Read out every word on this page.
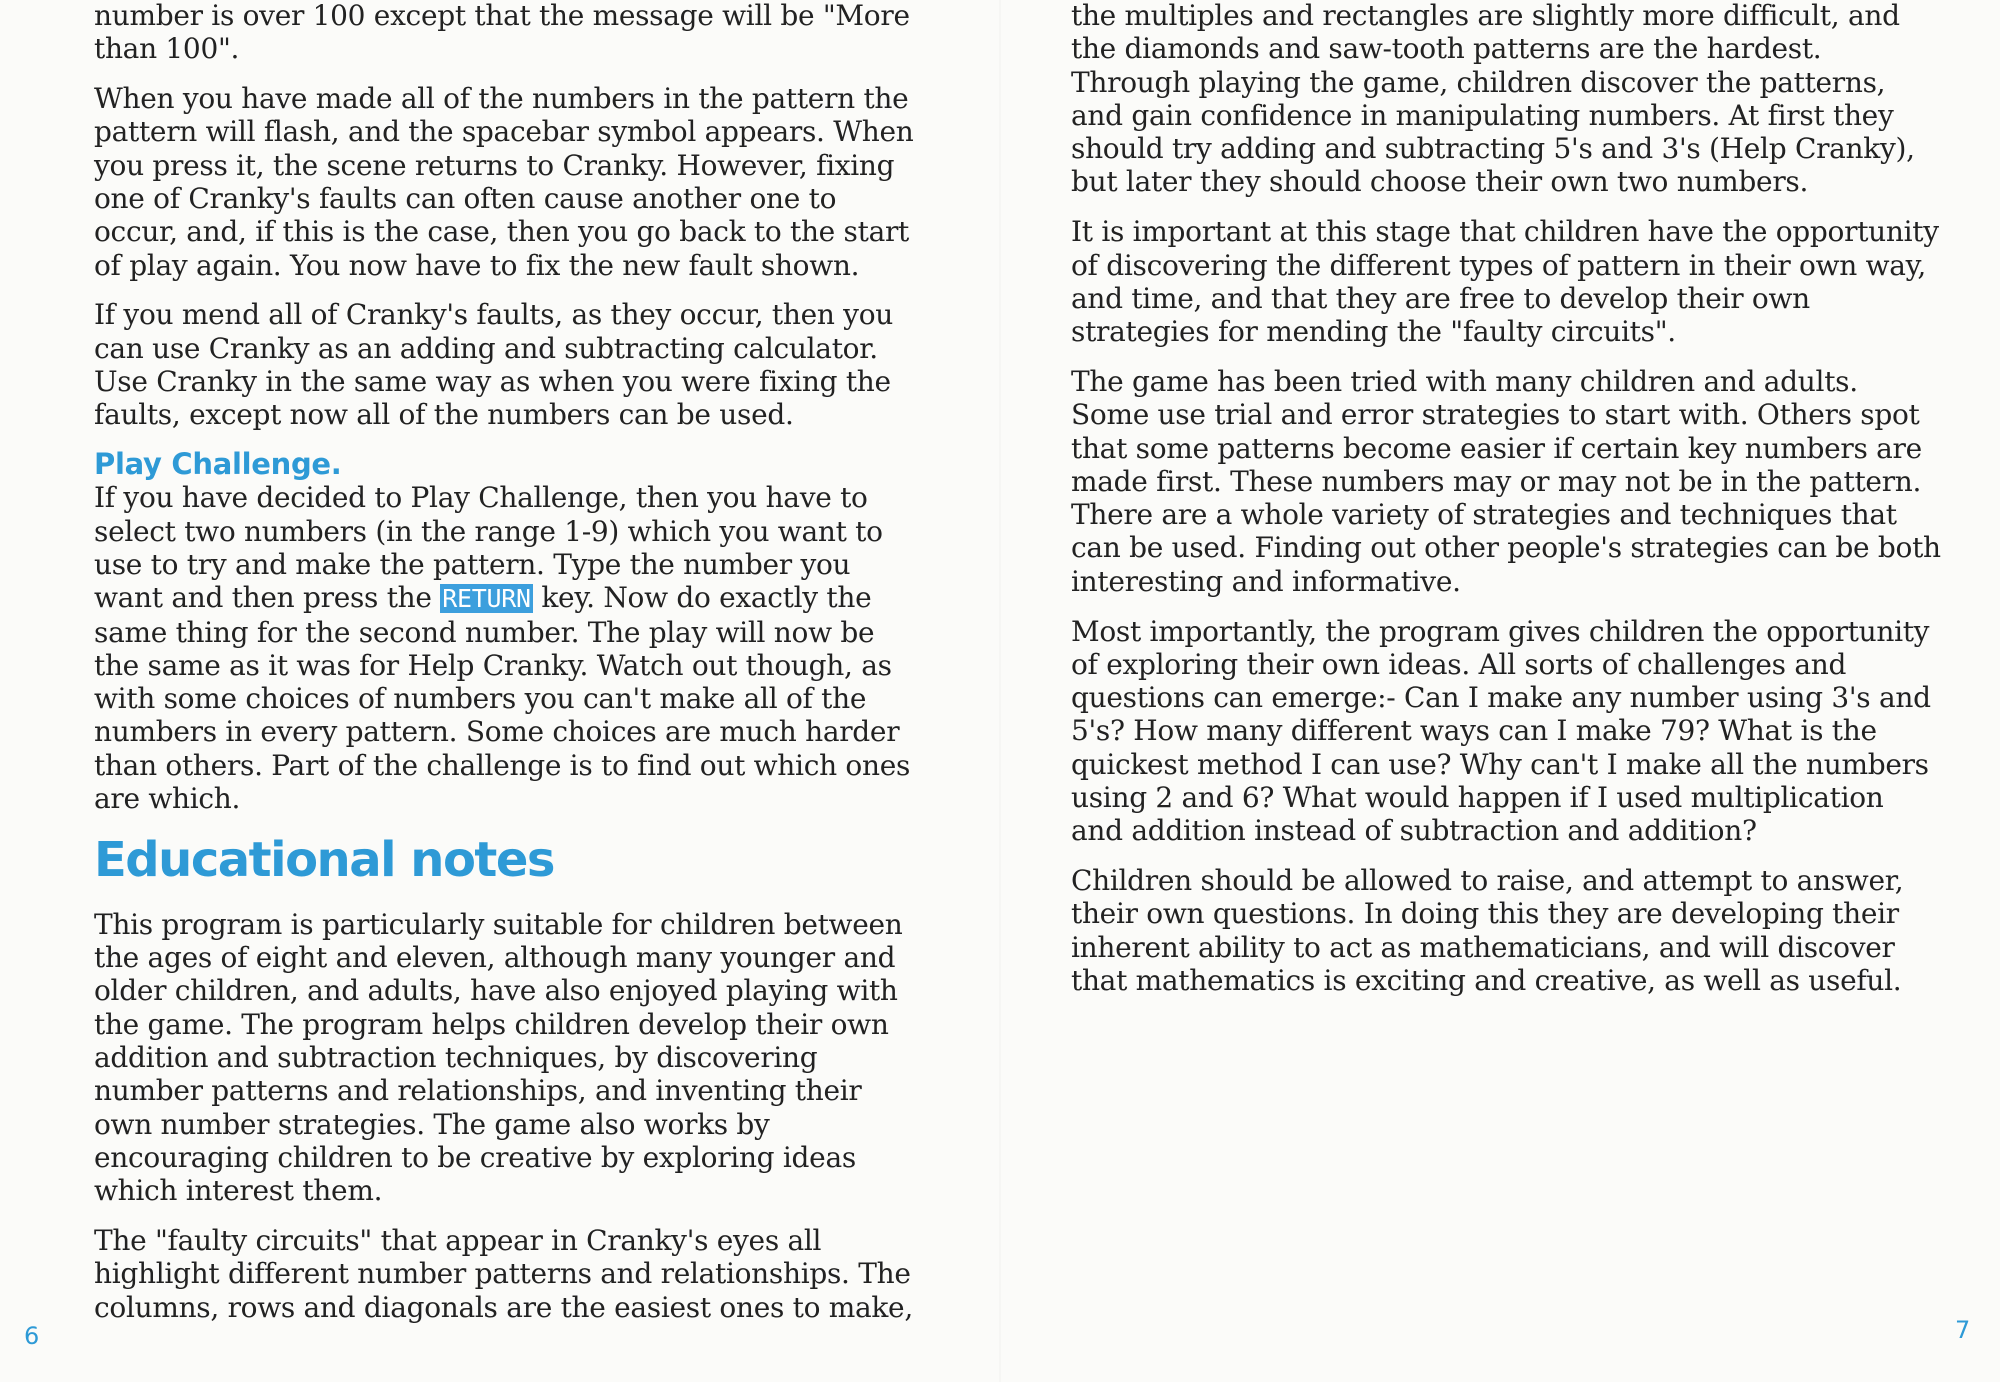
number is over 100 except that the message will be "More than 100".

When you have made all of the numbers in the pattern the pattern will flash, and the spacebar symbol appears. When you press it, the scene returns to Cranky. However, fixing one of Cranky's faults can often cause another one to occur, and, if this is the case, then you go back to the start of play again. You now have to fix the new fault shown.

If you mend all of Cranky's faults, as they occur, then you can use Cranky as an adding and subtracting calculator. Use Cranky in the same way as when you were fixing the faults, except now all of the numbers can be used.

Play Challenge.

If you have decided to Play Challenge, then you have to select two numbers (in the range 1-9) which you want to use to try and make the pattern. Type the number you want and then press the RETURN key. Now do exactly the same thing for the second number. The play will now be the same as it was for Help Cranky. Watch out though, as with some choices of numbers you can't make all of the numbers in every pattern. Some choices are much harder than others. Part of the challenge is to find out which ones are which.

Educational notes

This program is particularly suitable for children between the ages of eight and eleven, although many younger and older children, and adults, have also enjoyed playing with the game. The program helps children develop their own addition and subtraction techniques, by discovering number patterns and relationships, and inventing their own number strategies. The game also works by encouraging children to be creative by exploring ideas which interest them.

The "faulty circuits" that appear in Cranky's eyes all highlight different number patterns and relationships. The columns, rows and diagonals are the easiest ones to make,

6

the multiples and rectangles are slightly more difficult, and the diamonds and saw-tooth patterns are the hardest. Through playing the game, children discover the patterns, and gain confidence in manipulating numbers. At first they should try adding and subtracting 5's and 3's (Help Cranky), but later they should choose their own two numbers.

It is important at this stage that children have the opportunity of discovering the different types of pattern in their own way, and time, and that they are free to develop their own strategies for mending the "faulty circuits".

The game has been tried with many children and adults. Some use trial and error strategies to start with. Others spot that some patterns become easier if certain key numbers are made first. These numbers may or may not be in the pattern. There are a whole variety of strategies and techniques that can be used. Finding out other people's strategies can be both interesting and informative.

Most importantly, the program gives children the opportunity of exploring their own ideas. All sorts of challenges and questions can emerge:- Can I make any number using 3's and 5's? How many different ways can I make 79? What is the quickest method I can use? Why can't I make all the numbers using 2 and 6? What would happen if I used multiplication and addition instead of subtraction and addition?

Children should be allowed to raise, and attempt to answer, their own questions. In doing this they are developing their inherent ability to act as mathematicians, and will discover that mathematics is exciting and creative, as well as useful.

7
